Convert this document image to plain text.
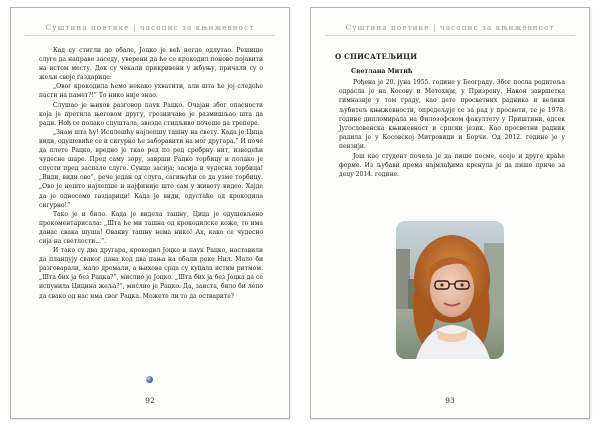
Суштина поетике | часопис за књижевност

Кад су стигли до обале, Јоцко је већ негде одлутао. Решише слуге да направе заседу, уверени да ће се крокодил поново појавити на истом месту. Док су чекали прикривени у жбуњу, причали су о жељи своје газдарице:

„Овог крокодила ћемо некако ухватити, али шта ће јој следеће пасти на памет?!” То нико није знао.

Слушао је њихов разговор паук Рацко. Очајан због опасности која је претила његовом другу, грозничаво је размишљао шта да ради. Нођ се полако спуштала, звезде стидљиво почеше да трепере.

„Знам шта ћу! Исплешћу најлепшу ташну на свету. Када је Цица види, одушевиће се и сигурно ће заборавити на мог другара.” И поче да плете Рацко, вредно је ткао ред по ред сребрну нит, изводећи чудесне шаре. Пред саму зору, заврши Рацко торбицу и полако је спусти пред заспале слуге. Сунце засија; засија и чудесна торбица! „Види, види ово”, рече један од слуга, сагињући се да узме торбицу. „Ово је нешто најлепше и најфиније што сам у животу видео. Хајде да је однесемо газдарици! Када је види, одустаће од крокодила сигурно!”

Тако је и било. Када је видела ташну, Цица је одушевљено прокоментарисала: „Шта ће ми ташна од крокодилске коже, то има данас свака шуша! Овакву ташну нема нико! Ах, како се чудесно сија на светлости...”.

И тако су два другара, крокодил Јоцко и паук Рацко, наставили да пландују сваког дана код два пања на обали реке Нил. Мало би разговарали, мало дремали, а њихова срца су куцала истим ритмом. „Шта бих ја без Рацка?”, мислио је Јоцко. „Шта бих ја без Јоцка да се испунила Цицина жеља?”, мислио је Рацко. Да, заиста, било би лепо да свако од нас има свог Рацка. Можете ли то да остварите?

92
Суштина поетике | часопис за књижевност
О СПИСАТЕЉИЦИ
Светлана Митић

Рођена је 20. јуна 1955. године у Београду. Због посла родитеља одрасла је на Косову и Метохији, у Призрену. Након завршетка гимназије у том граду, као дете просветних радника и велики љубитељ књижевности, опредељује се за рад у просвети, те је 1978. године дипломирала на Филозофском факултету у Приштини, одсек Југословенска књижевност и српски језик. Као просветни радник радила је у Косовској Митровици и Борчи. Од 2012. године је у пензији.

Још као студент почела је да пише песме, есеје и друге краће форме. Из љубави према најмлађима кренула је да пише приче за децу 2014. године.

93
